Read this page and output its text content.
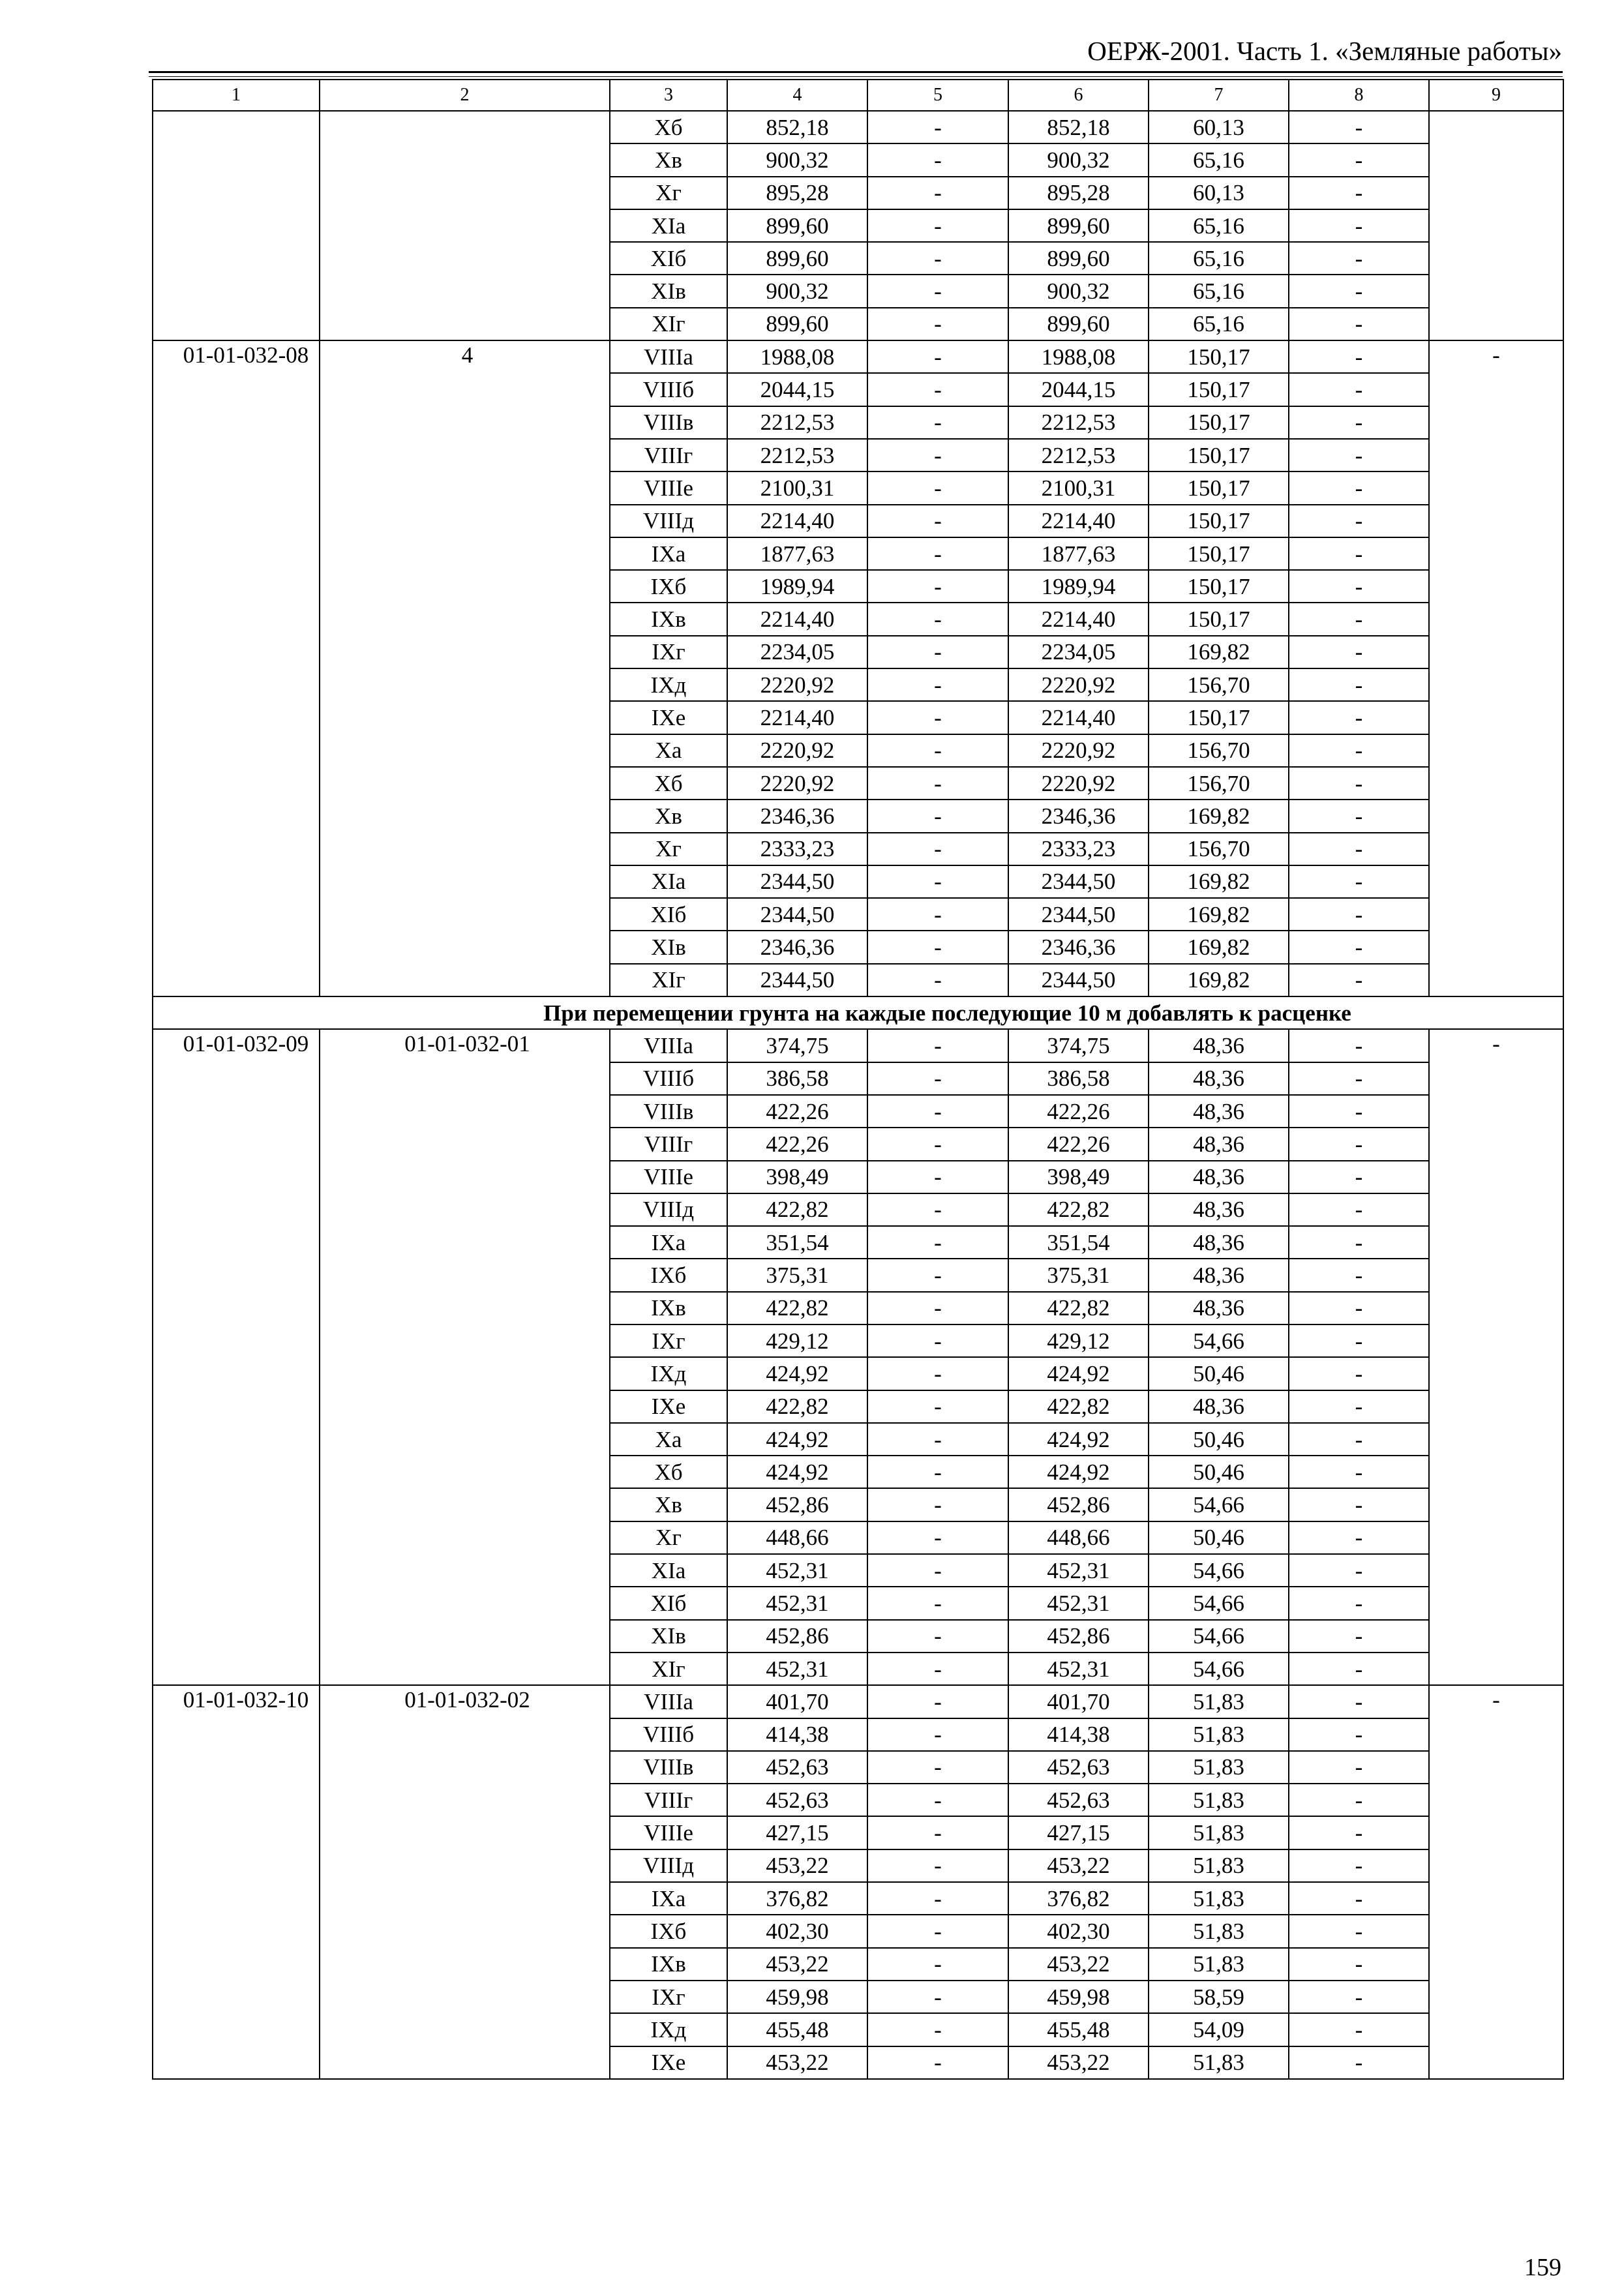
ОЕРЖ-2001. Часть 1. «Земляные работы»
1	2	3	4	5	6	7	8	9
		Хб	852,18	-	852,18	60,13	-	
		Хв	900,32	-	900,32	65,16	-	
		Хг	895,28	-	895,28	60,13	-	
		XIa	899,60	-	899,60	65,16	-	
		XIб	899,60	-	899,60	65,16	-	
		XIв	900,32	-	900,32	65,16	-	
		XIг	899,60	-	899,60	65,16	-	
01-01-032-08	4	VIIIa	1988,08	-	1988,08	150,17	-	-
		VIIIб	2044,15	-	2044,15	150,17	-	
		VIIIв	2212,53	-	2212,53	150,17	-	
		VIIIг	2212,53	-	2212,53	150,17	-	
		VIIIе	2100,31	-	2100,31	150,17	-	
		VIIIд	2214,40	-	2214,40	150,17	-	
		IXa	1877,63	-	1877,63	150,17	-	
		IXб	1989,94	-	1989,94	150,17	-	
		IXв	2214,40	-	2214,40	150,17	-	
		IXг	2234,05	-	2234,05	169,82	-	
		IXд	2220,92	-	2220,92	156,70	-	
		IXе	2214,40	-	2214,40	150,17	-	
		Xa	2220,92	-	2220,92	156,70	-	
		Хб	2220,92	-	2220,92	156,70	-	
		Хв	2346,36	-	2346,36	169,82	-	
		Хг	2333,23	-	2333,23	156,70	-	
		XIa	2344,50	-	2344,50	169,82	-	
		XIб	2344,50	-	2344,50	169,82	-	
		XIв	2346,36	-	2346,36	169,82	-	
		XIг	2344,50	-	2344,50	169,82	-	
При перемещении грунта на каждые последующие 10 м добавлять к расценке								
01-01-032-09	01-01-032-01	VIIIa	374,75	-	374,75	48,36	-	-
		VIIIб	386,58	-	386,58	48,36	-	
		VIIIв	422,26	-	422,26	48,36	-	
		VIIIг	422,26	-	422,26	48,36	-	
		VIIIе	398,49	-	398,49	48,36	-	
		VIIIд	422,82	-	422,82	48,36	-	
		IXa	351,54	-	351,54	48,36	-	
		IXб	375,31	-	375,31	48,36	-	
		IXв	422,82	-	422,82	48,36	-	
		IXг	429,12	-	429,12	54,66	-	
		IXд	424,92	-	424,92	50,46	-	
		IXе	422,82	-	422,82	48,36	-	
		Xa	424,92	-	424,92	50,46	-	
		Хб	424,92	-	424,92	50,46	-	
		Хв	452,86	-	452,86	54,66	-	
		Хг	448,66	-	448,66	50,46	-	
		XIa	452,31	-	452,31	54,66	-	
		XIб	452,31	-	452,31	54,66	-	
		XIв	452,86	-	452,86	54,66	-	
		XIг	452,31	-	452,31	54,66	-	
01-01-032-10	01-01-032-02	VIIIa	401,70	-	401,70	51,83	-	-
		VIIIб	414,38	-	414,38	51,83	-	
		VIIIв	452,63	-	452,63	51,83	-	
		VIIIг	452,63	-	452,63	51,83	-	
		VIIIе	427,15	-	427,15	51,83	-	
		VIIIд	453,22	-	453,22	51,83	-	
		IXa	376,82	-	376,82	51,83	-	
		IXб	402,30	-	402,30	51,83	-	
		IXв	453,22	-	453,22	51,83	-	
		IXг	459,98	-	459,98	58,59	-	
		IXд	455,48	-	455,48	54,09	-	
		IXе	453,22	-	453,22	51,83	-	
159
